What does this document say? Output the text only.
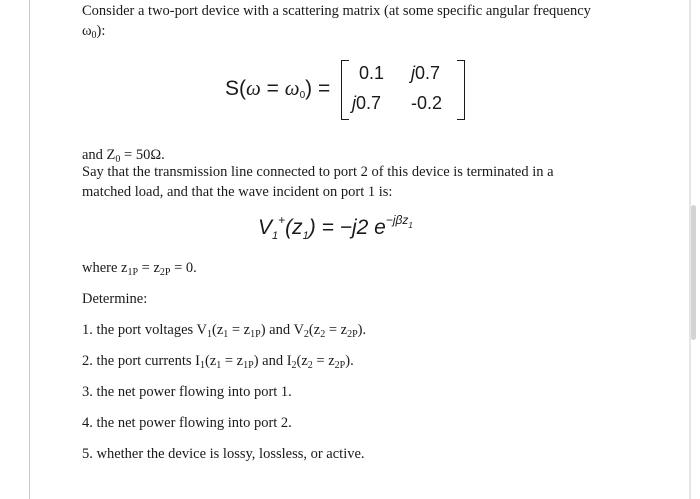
Consider a two-port device with a scattering matrix (at some specific angular frequency
$\omega_0$):
S(ω = ω0) =
0.1 j0.7
j0.7 -0.2
and $Z_0 = 50\Omega$.
Say that the transmission line connected to port 2 of this device is terminated in a
matched load, and that the wave incident on port 1 is:
$V_1^+(z_1) = -j2$ $e^{-j\beta z1}$
where $z_{1P} = z_{2P} = 0$.
Determine:
1. the port voltages $V_1(z_1 = z_{1P})$ and $V_2(z_2 = z_{2P})$.
2. the port currents $I_1(z_1 = z_{1P})$ and $I_2(z_2 = z_{2P})$.
3. the net power flowing into port 1.
4. the net power flowing into port 2.
5. whether the device is lossy, lossless, or active.
